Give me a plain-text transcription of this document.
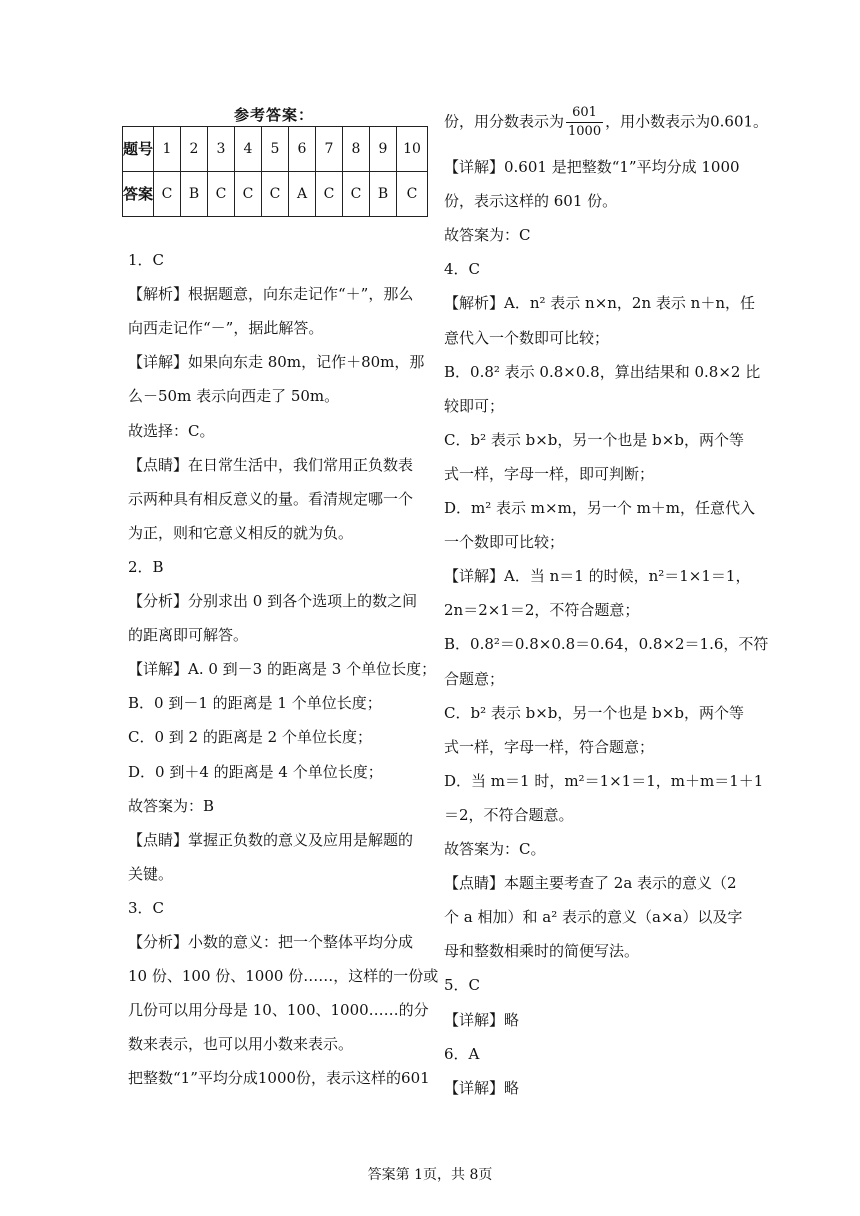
参考答案：
题号	1	2	3	4	5	6	7	8	9	10
答案	C	B	C	C	C	A	C	C	B	C
1．C
【解析】根据题意，向东走记作“＋”，那么
向西走记作“－”，据此解答。
【详解】如果向东走 80m，记作＋80m，那
么－50m 表示向西走了 50m。
故选择：C。
【点睛】在日常生活中，我们常用正负数表
示两种具有相反意义的量。看清规定哪一个
为正，则和它意义相反的就为负。
2．B
【分析】分别求出 0 到各个选项上的数之间
的距离即可解答。
【详解】A. 0 到－3 的距离是 3 个单位长度；
B．0 到－1 的距离是 1 个单位长度；
C．0 到 2 的距离是 2 个单位长度；
D．0 到＋4 的距离是 4 个单位长度；
故答案为：B
【点睛】掌握正负数的意义及应用是解题的
关键。
3．C
【分析】小数的意义：把一个整体平均分成
10 份、100 份、1000 份……，这样的一份或
几份可以用分母是 10、100、1000……的分
数来表示，也可以用小数来表示。
把整数“1”平均分成1000份，表示这样的601
份，用分数表示为 $\frac{601}{1000}$ ，用小数表示为0.601。
【详解】0.601 是把整数“1”平均分成 1000
份，表示这样的 601 份。
故答案为：C
4．C
【解析】A．n² 表示 n×n，2n 表示 n＋n，任
意代入一个数即可比较；
B．0.8² 表示 0.8×0.8，算出结果和 0.8×2 比
较即可；
C．b² 表示 b×b，另一个也是 b×b，两个等
式一样，字母一样，即可判断；
D．m² 表示 m×m，另一个 m＋m，任意代入
一个数即可比较；
【详解】A．当 n＝1 的时候，n²＝1×1＝1，
2n＝2×1＝2，不符合题意；
B．0.8²＝0.8×0.8＝0.64，0.8×2＝1.6，不符
合题意；
C．b² 表示 b×b，另一个也是 b×b，两个等
式一样，字母一样，符合题意；
D．当 m＝1 时，m²＝1×1＝1，m＋m＝1＋1
＝2，不符合题意。
故答案为：C。
【点睛】本题主要考查了 2a 表示的意义（2
个 a 相加）和 a² 表示的意义（a×a）以及字
母和整数相乘时的简便写法。
5．C
【详解】略
6．A
【详解】略
答案第 1页，共 8页
